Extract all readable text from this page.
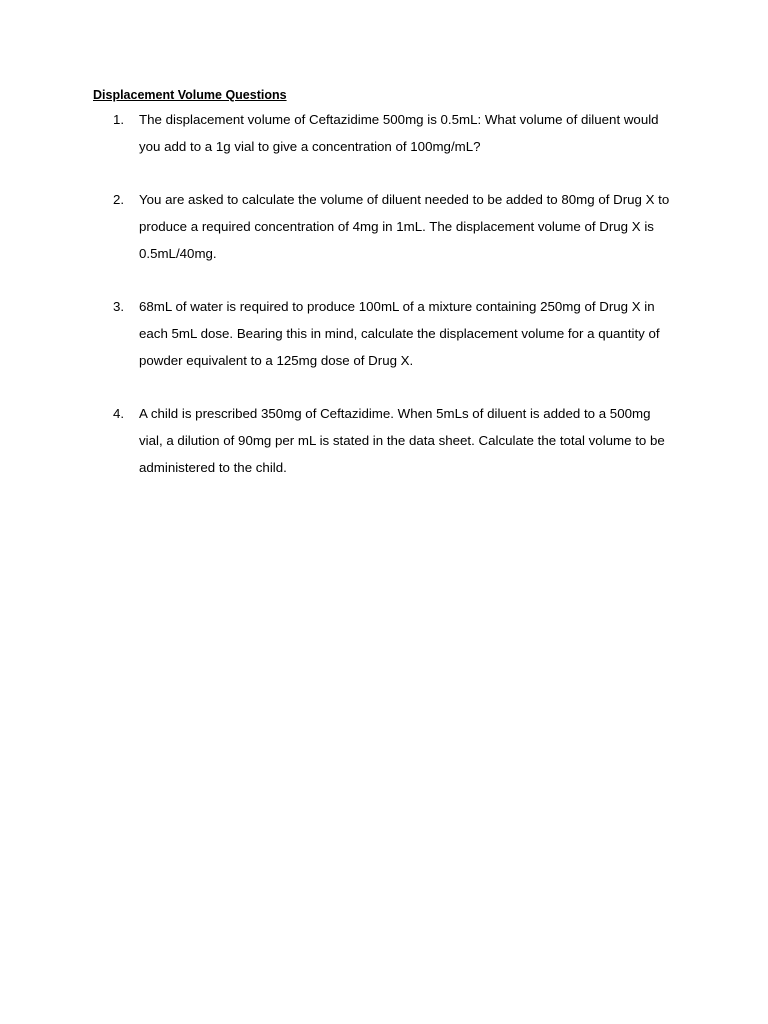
Displacement Volume Questions

1.	The displacement volume of Ceftazidime 500mg is 0.5mL: What volume of diluent would you add to a 1g vial to give a concentration of 100mg/mL?
2.	You are asked to calculate the volume of diluent needed to be added to 80mg of Drug X to produce a required concentration of 4mg in 1mL. The displacement volume of Drug X is 0.5mL/40mg.
3.	68mL of water is required to produce 100mL of a mixture containing 250mg of Drug X in each 5mL dose. Bearing this in mind, calculate the displacement volume for a quantity of powder equivalent to a 125mg dose of Drug X.
4.	A child is prescribed 350mg of Ceftazidime. When 5mLs of diluent is added to a 500mg vial, a dilution of 90mg per mL is stated in the data sheet. Calculate the total volume to be administered to the child.
